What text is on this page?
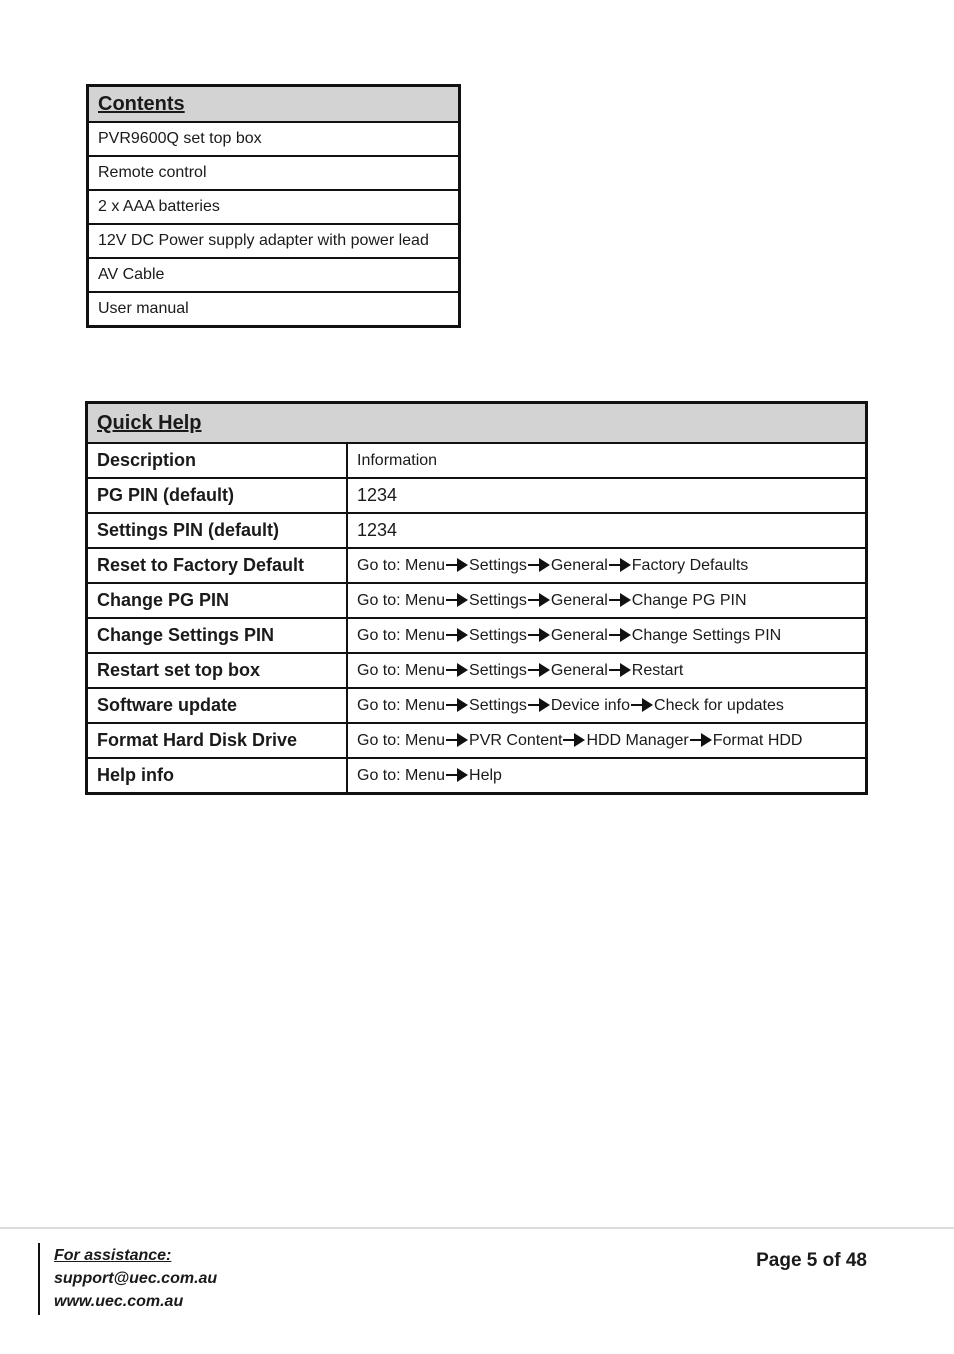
Contents
PVR9600Q set top box
Remote control
2 x AAA batteries
12V DC Power supply adapter with power lead
AV Cable
User manual
Quick Help	
Description	Information
PG PIN (default)	1234
Settings PIN (default)	1234
Reset to Factory Default	Go to: Menu Settings General Factory Defaults
Change PG PIN	Go to: Menu Settings General Change PG PIN
Change Settings PIN	Go to: Menu Settings General Change Settings PIN
Restart set top box	Go to: Menu Settings General Restart
Software update	Go to: Menu Settings Device info Check for updates
Format Hard Disk Drive	Go to: Menu PVR Content HDD Manager Format HDD
Help info	Go to: Menu Help
For assistance:
support@uec.com.au
www.uec.com.au
Page 5 of 48
